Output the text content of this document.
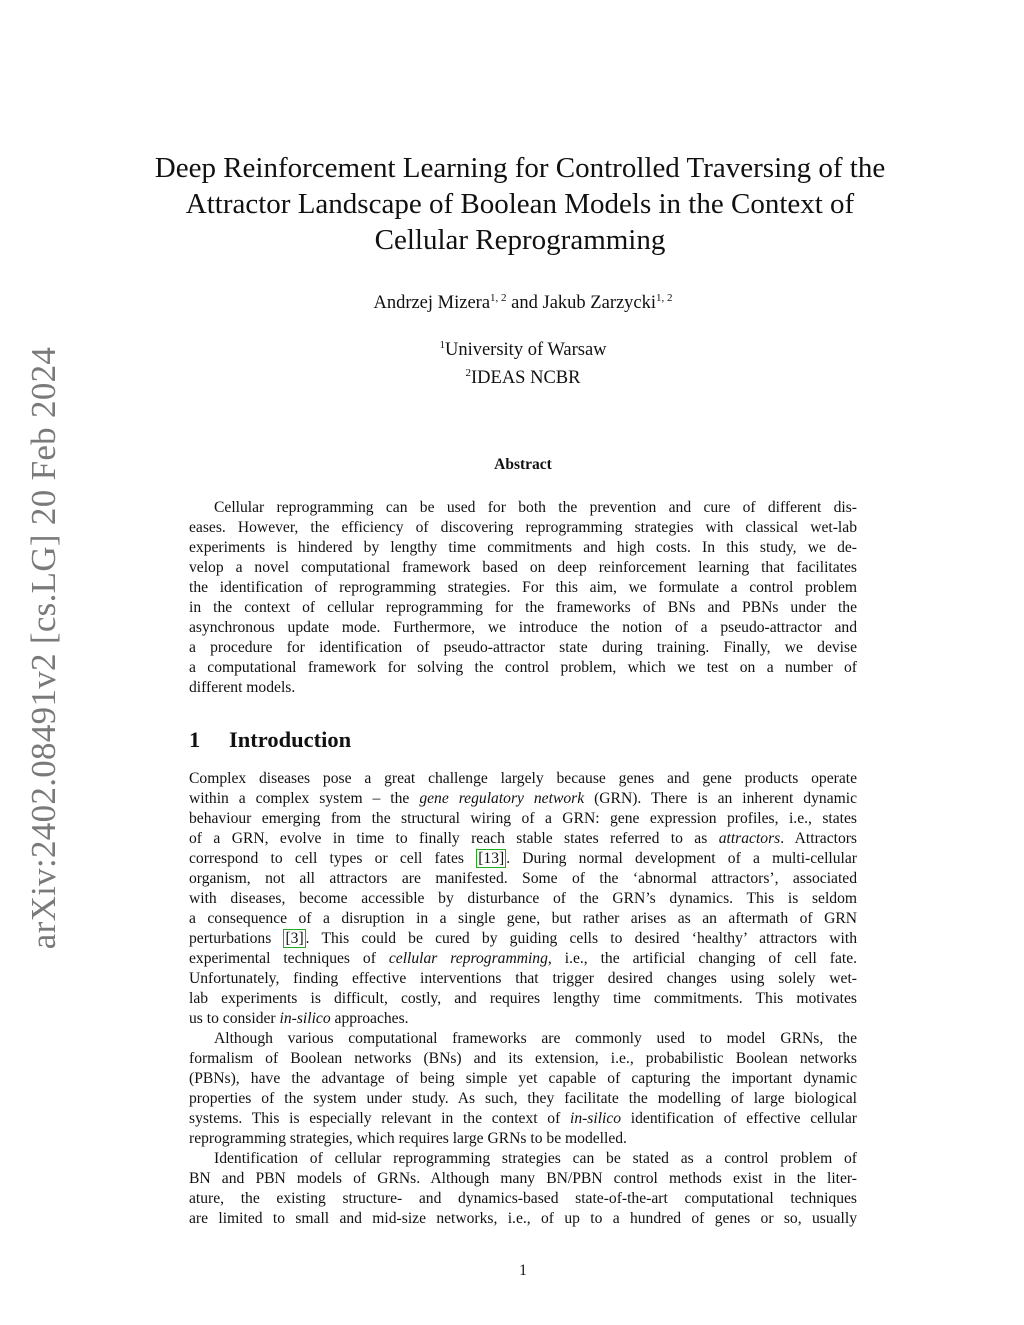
arXiv:2402.08491v2 [cs.LG] 20 Feb 2024
Deep Reinforcement Learning for Controlled Traversing of the
Attractor Landscape of Boolean Models in the Context of
Cellular Reprogramming
Andrzej Mizera$^{1, 2}$ and Jakub Zarzycki$^{1, 2}$
$^1$University of Warsaw
$^2$IDEAS NCBR
Abstract
Cellular reprogramming can be used for both the prevention and cure of different dis-
eases. However, the efficiency of discovering reprogramming strategies with classical wet-lab
experiments is hindered by lengthy time commitments and high costs. In this study, we de-
velop a novel computational framework based on deep reinforcement learning that facilitates
the identification of reprogramming strategies. For this aim, we formulate a control problem
in the context of cellular reprogramming for the frameworks of BNs and PBNs under the
asynchronous update mode. Furthermore, we introduce the notion of a pseudo-attractor and
a procedure for identification of pseudo-attractor state during training. Finally, we devise
a computational framework for solving the control problem, which we test on a number of
different models.
1 Introduction
Complex diseases pose a great challenge largely because genes and gene products operate
within a complex system – the gene regulatory network (GRN). There is an inherent dynamic
behaviour emerging from the structural wiring of a GRN: gene expression profiles, i.e., states
of a GRN, evolve in time to finally reach stable states referred to as attractors. Attractors
correspond to cell types or cell fates [13] . During normal development of a multi-cellular
organism, not all attractors are manifested. Some of the ‘abnormal attractors’, associated
with diseases, become accessible by disturbance of the GRN’s dynamics. This is seldom
a consequence of a disruption in a single gene, but rather arises as an aftermath of GRN
perturbations [3] . This could be cured by guiding cells to desired ‘healthy’ attractors with
experimental techniques of cellular reprogramming, i.e., the artificial changing of cell fate.
Unfortunately, finding effective interventions that trigger desired changes using solely wet-
lab experiments is difficult, costly, and requires lengthy time commitments. This motivates
us to consider in-silico approaches.
Although various computational frameworks are commonly used to model GRNs, the
formalism of Boolean networks (BNs) and its extension, i.e., probabilistic Boolean networks
(PBNs), have the advantage of being simple yet capable of capturing the important dynamic
properties of the system under study. As such, they facilitate the modelling of large biological
systems. This is especially relevant in the context of in-silico identification of effective cellular
reprogramming strategies, which requires large GRNs to be modelled.
Identification of cellular reprogramming strategies can be stated as a control problem of
BN and PBN models of GRNs. Although many BN/PBN control methods exist in the liter-
ature, the existing structure- and dynamics-based state-of-the-art computational techniques
are limited to small and mid-size networks, i.e., of up to a hundred of genes or so, usually
1
